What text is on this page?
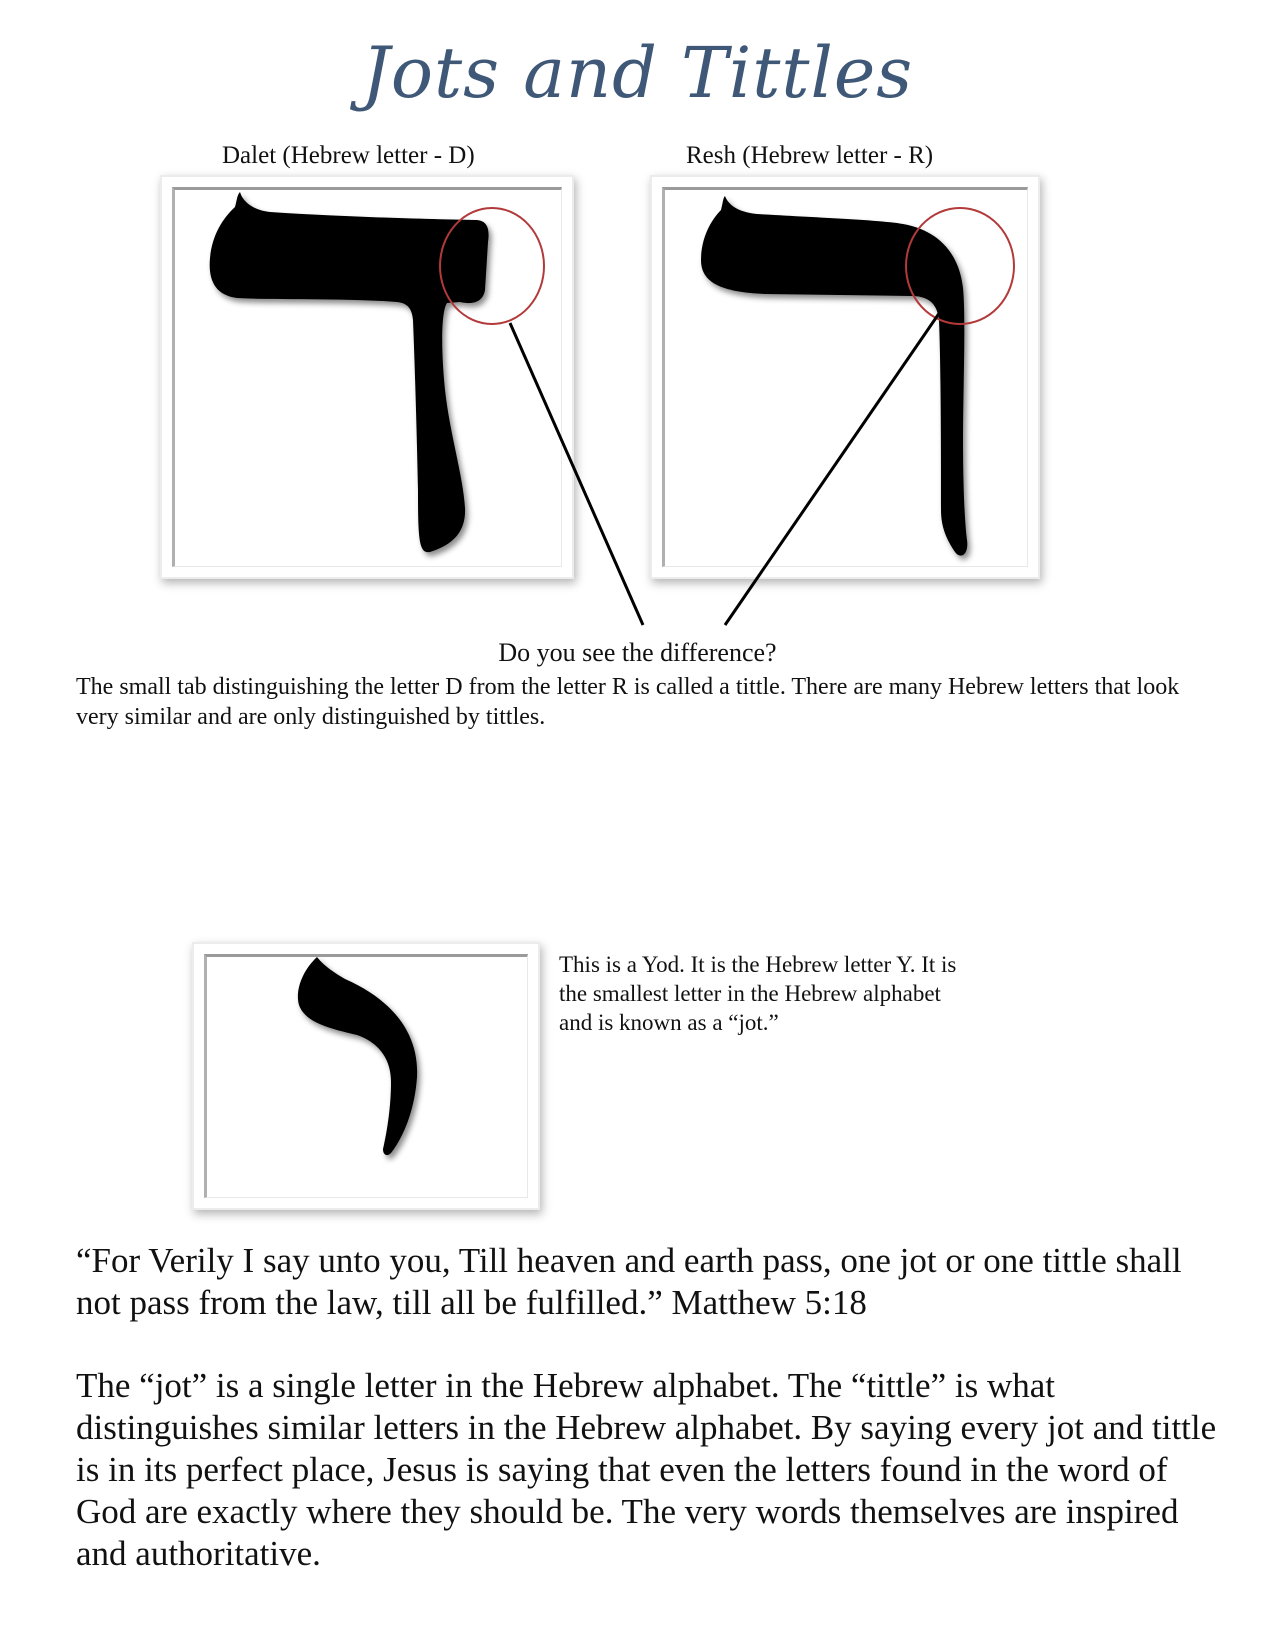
Jots and Tittles
Dalet (Hebrew letter - D)	Resh (Hebrew letter - R)
Do you see the difference?
The small tab distinguishing the letter D from the letter R is called a tittle. There are many Hebrew letters that look very similar and are only distinguished by tittles.
This is a Yod. It is the Hebrew letter Y. It is the smallest letter in the Hebrew alphabet and is known as a “jot.”
“For Verily I say unto you, Till heaven and earth pass, one jot or one tittle shall not pass from the law, till all be fulfilled.” Matthew 5:18
The “jot” is a single letter in the Hebrew alphabet. The “tittle” is what distinguishes similar letters in the Hebrew alphabet. By saying every jot and tittle is in its perfect place, Jesus is saying that even the letters found in the word of God are exactly where they should be. The very words themselves are inspired and authoritative.
